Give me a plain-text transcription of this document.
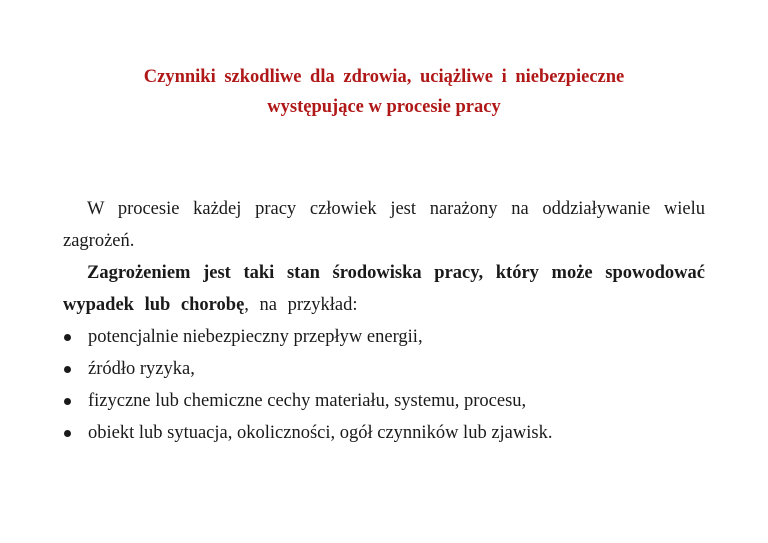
Czynniki szkodliwe dla zdrowia, uciążliwe i niebezpieczne
występujące w procesie pracy

W procesie każdej pracy człowiek jest narażony na oddziaływanie wielu zagrożeń.

Zagrożeniem jest taki stan środowiska pracy, który może spowodować wypadek lub chorobę, na przykład:

potencjalnie niebezpieczny przepływ energii,
źródło ryzyka,
fizyczne lub chemiczne cechy materiału, systemu, procesu,
obiekt lub sytuacja, okoliczności, ogół czynników lub zjawisk.
